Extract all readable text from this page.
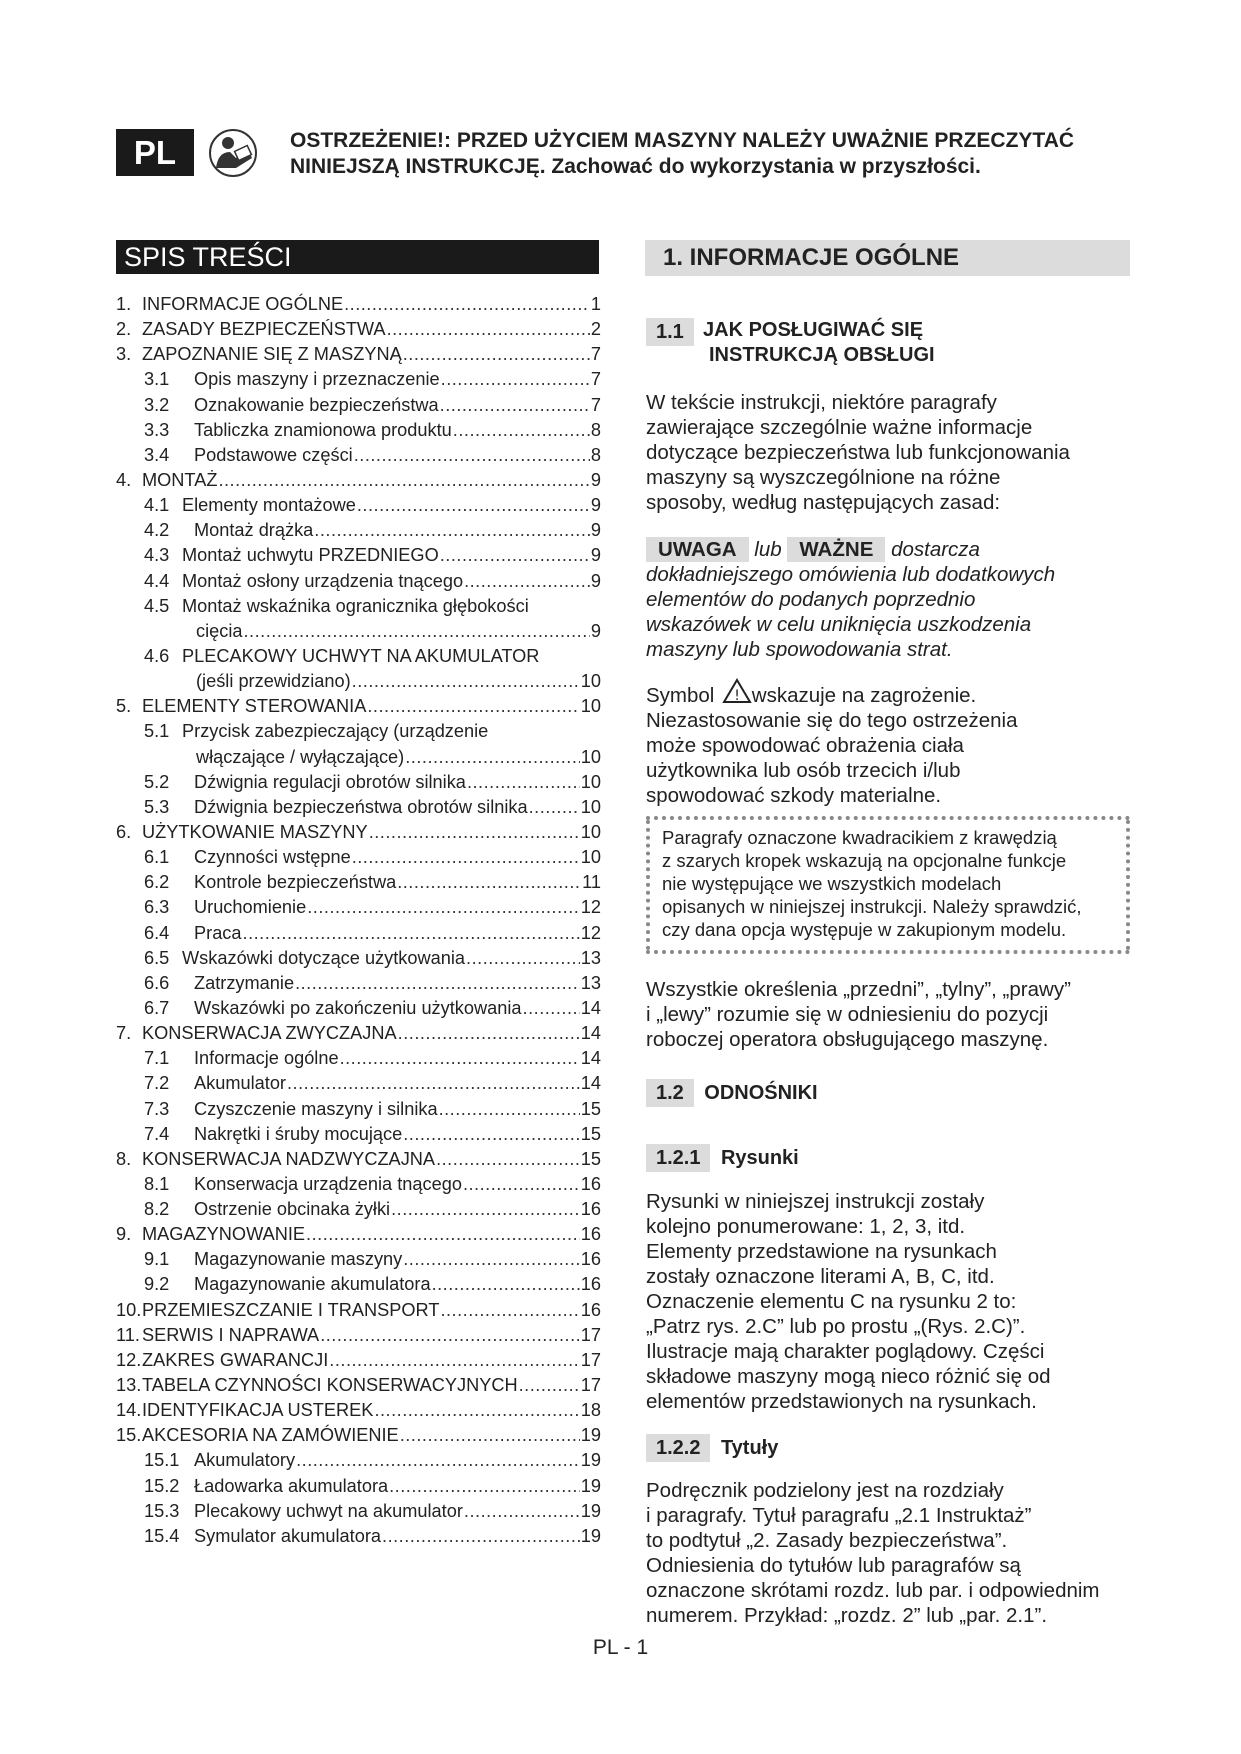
PL	OSTRZEŻENIE!: PRZED UŻYCIEM MASZYNY NALEŻY UWAŻNIE PRZECZYTAĆ
NINIEJSZĄ INSTRUKCJĘ. Zachować do wykorzystania w przyszłości.
SPIS TREŚCI
1. INFORMACJE OGÓLNE .....	1
2. ZASADY BEZPIECZEŃSTWA .....	2
3. ZAPOZNANIE SIĘ Z MASZYNĄ .....	7
3.1	Opis maszyny i przeznaczenie .....	7
3.2	Oznakowanie bezpieczeństwa .....	7
3.3	Tabliczka znamionowa produktu .....	8
3.4	Podstawowe części .....	8
4. MONTAŻ .....	9
4.1 Elementy montażowe .....	9
4.2	Montaż drążka .....	9
4.3 Montaż uchwytu PRZEDNIEGO .....	9
4.4 Montaż osłony urządzenia tnącego .....	9
4.5 Montaż wskaźnika ogranicznika głębokości
cięcia .....	9
4.6 PLECAKOWY UCHWYT NA AKUMULATOR
(jeśli przewidziano) .....	10
5. ELEMENTY STEROWANIA .....	10
5.1 Przycisk zabezpieczający (urządzenie
włączające / wyłączające) .....	10
5.2	Dźwignia regulacji obrotów silnika .....	10
5.3	Dźwignia bezpieczeństwa obrotów silnika .....	10
6. UŻYTKOWANIE MASZYNY .....	10
6.1	Czynności wstępne .....	10
6.2	Kontrole bezpieczeństwa .....	11
6.3	Uruchomienie .....	12
6.4	Praca .....	12
6.5 Wskazówki dotyczące użytkowania .....	13
6.6	Zatrzymanie .....	13
6.7	Wskazówki po zakończeniu użytkowania .....	14
7. KONSERWACJA ZWYCZAJNA .....	14
7.1	Informacje ogólne .....	14
7.2	Akumulator .....	14
7.3	Czyszczenie maszyny i silnika .....	15
7.4	Nakrętki i śruby mocujące .....	15
8. KONSERWACJA NADZWYCZAJNA .....	15
8.1	Konserwacja urządzenia tnącego .....	16
8.2	Ostrzenie obcinaka żyłki .....	16
9. MAGAZYNOWANIE .....	16
9.1	Magazynowanie maszyny .....	16
9.2	Magazynowanie akumulatora .....	16
10. PRZEMIESZCZANIE I TRANSPORT .....	16
11. SERWIS I NAPRAWA .....	17
12. ZAKRES GWARANCJI .....	17
13. TABELA CZYNNOŚCI KONSERWACYJNYCH .....	17
14. IDENTYFIKACJA USTEREK .....	18
15. AKCESORIA NA ZAMÓWIENIE .....	19
15.1 Akumulatory .....	19
15.2 Ładowarka akumulatora .....	19
15.3 Plecakowy uchwyt na akumulator .....	19
15.4 Symulator akumulatora .....	19
1. INFORMACJE OGÓLNE
1.1 JAK POSŁUGIWAĆ SIĘ
INSTRUKCJĄ OBSŁUGI
W tekście instrukcji, niektóre paragrafy
zawierające szczególnie ważne informacje
dotyczące bezpieczeństwa lub funkcjonowania
maszyny są wyszczególnione na różne
sposoby, według następujących zasad:
UWAGA lub WAŻNE dostarcza
dokładniejszego omówienia lub dodatkowych
elementów do podanych poprzednio
wskazówek w celu uniknięcia uszkodzenia
maszyny lub spowodowania strat.
Symbol ! wskazuje na zagrożenie.
Niezastosowanie się do tego ostrzeżenia
może spowodować obrażenia ciała
użytkownika lub osób trzecich i/lub
spowodować szkody materialne.
Paragrafy oznaczone kwadracikiem z krawędzią
z szarych kropek wskazują na opcjonalne funkcje
nie występujące we wszystkich modelach
opisanych w niniejszej instrukcji. Należy sprawdzić,
czy dana opcja występuje w zakupionym modelu.
Wszystkie określenia „przedni”, „tylny”, „prawy”
i „lewy” rozumie się w odniesieniu do pozycji
roboczej operatora obsługującego maszynę.
1.2 ODNOŚNIKI
1.2.1 Rysunki
Rysunki w niniejszej instrukcji zostały
kolejno ponumerowane: 1, 2, 3, itd.
Elementy przedstawione na rysunkach
zostały oznaczone literami A, B, C, itd.
Oznaczenie elementu C na rysunku 2 to:
„Patrz rys. 2.C” lub po prostu „(Rys. 2.C)”.
Ilustracje mają charakter poglądowy. Części
składowe maszyny mogą nieco różnić się od
elementów przedstawionych na rysunkach.
1.2.2 Tytuły
Podręcznik podzielony jest na rozdziały
i paragrafy. Tytuł paragrafu „2.1 Instruktaż”
to podtytuł „2. Zasady bezpieczeństwa”.
Odniesienia do tytułów lub paragrafów są
oznaczone skrótami rozdz. lub par. i odpowiednim
numerem. Przykład: „rozdz. 2” lub „par. 2.1”.
PL - 1
